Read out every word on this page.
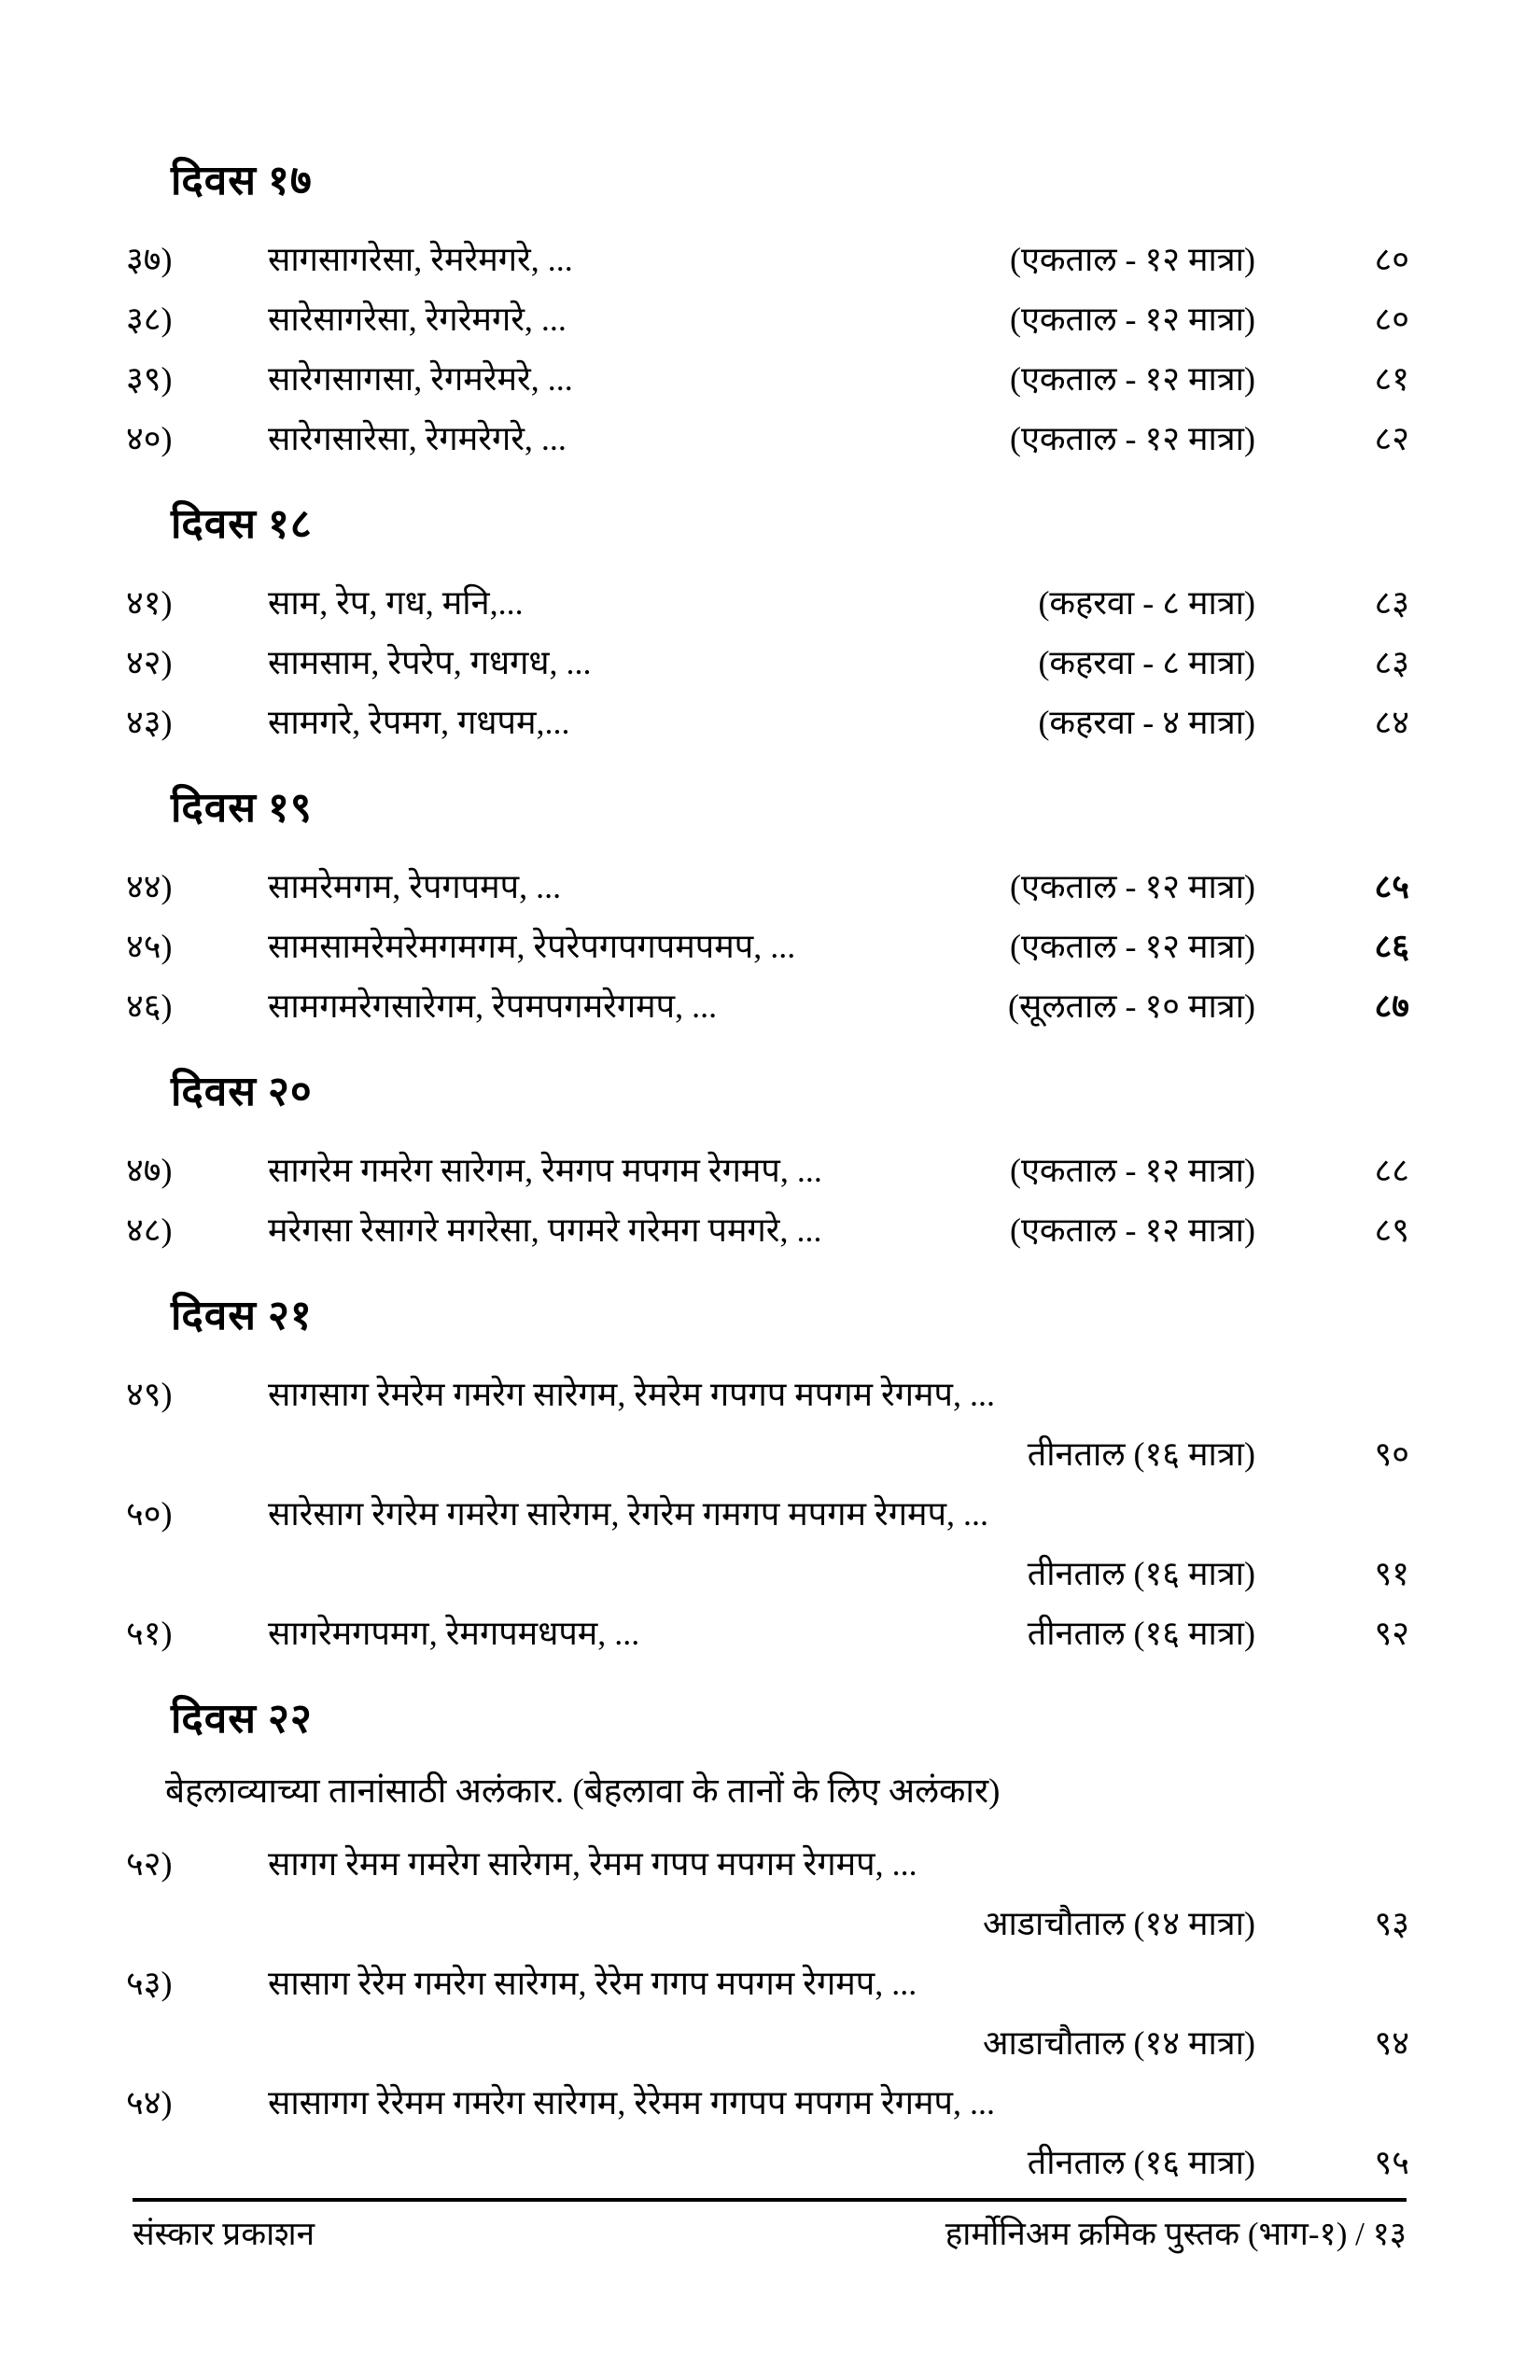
दिवस १७
३७)	सागसागरेसा, रेमरेमगरे, ...	(एकताल - १२ मात्रा)	८०
३८)	सारेसागरेसा, रेगरेमगरे, ...	(एकताल - १२ मात्रा)	८०
३९)	सारेगसागसा, रेगमरेमरे, ...	(एकताल - १२ मात्रा)	८१
४०)	सारेगसारेसा, रेगमरेगरे, ...	(एकताल - १२ मात्रा)	८२
दिवस १८
४१)	साम, रेप, गध, मनि,...	(कहरवा - ८ मात्रा)	८३
४२)	सामसाम, रेपरेप, गधगध, ...	(कहरवा - ८ मात्रा)	८३
४३)	सामगरे, रेपमग, गधपम,...	(कहरवा - ४ मात्रा)	८४
दिवस १९
४४)	सामरेमगम, रेपगपमप, ...	(एकताल - १२ मात्रा)	८५
४५)	सामसामरेमरेमगमगम, रेपरेपगपगपमपमप, ...	(एकताल - १२ मात्रा)	८६
४६)	सामगमरेगसारेगम, रेपमपगमरेगमप, ...	(सूलताल - १० मात्रा)	८७
दिवस २०
४७)	सागरेम गमरेग सारेगम, रेमगप मपगम रेगमप, ...	(एकताल - १२ मात्रा)	८८
४८)	मरेगसा रेसागरे मगरेसा, पगमरे गरेमग पमगरे, ...	(एकताल - १२ मात्रा)	८९
दिवस २१
४९)	सागसाग रेमरेम गमरेग सारेगम, रेमरेम गपगप मपगम रेगमप, ...
तीनताल (१६ मात्रा)	९०
५०)	सारेसाग रेगरेम गमरेग सारेगम, रेगरेम गमगप मपगम रेगमप, ...
तीनताल (१६ मात्रा)	९१
५१)	सागरेमगपमग, रेमगपमधपम, ...	तीनताल (१६ मात्रा)	९२
दिवस २२
बेहलाव्याच्या तानांसाठी अलंकार. (बेहलावा के तानों के लिए अलंकार)
५२)	सागग रेमम गमरेग सारेगम, रेमम गपप मपगम रेगमप, ...
आडाचौताल (१४ मात्रा)	९३
५३)	सासाग रेरेम गमरेग सारेगम, रेरेम गगप मपगम रेगमप, ...
आडाचौताल (१४ मात्रा)	९४
५४)	सासागग रेरेमम गमरेग सारेगम, रेरेमम गगपप मपगम रेगमप, ...
तीनताल (१६ मात्रा)	९५
संस्कार प्रकाशन	हार्मोनिअम क्रमिक पुस्तक (भाग-१) / १३
